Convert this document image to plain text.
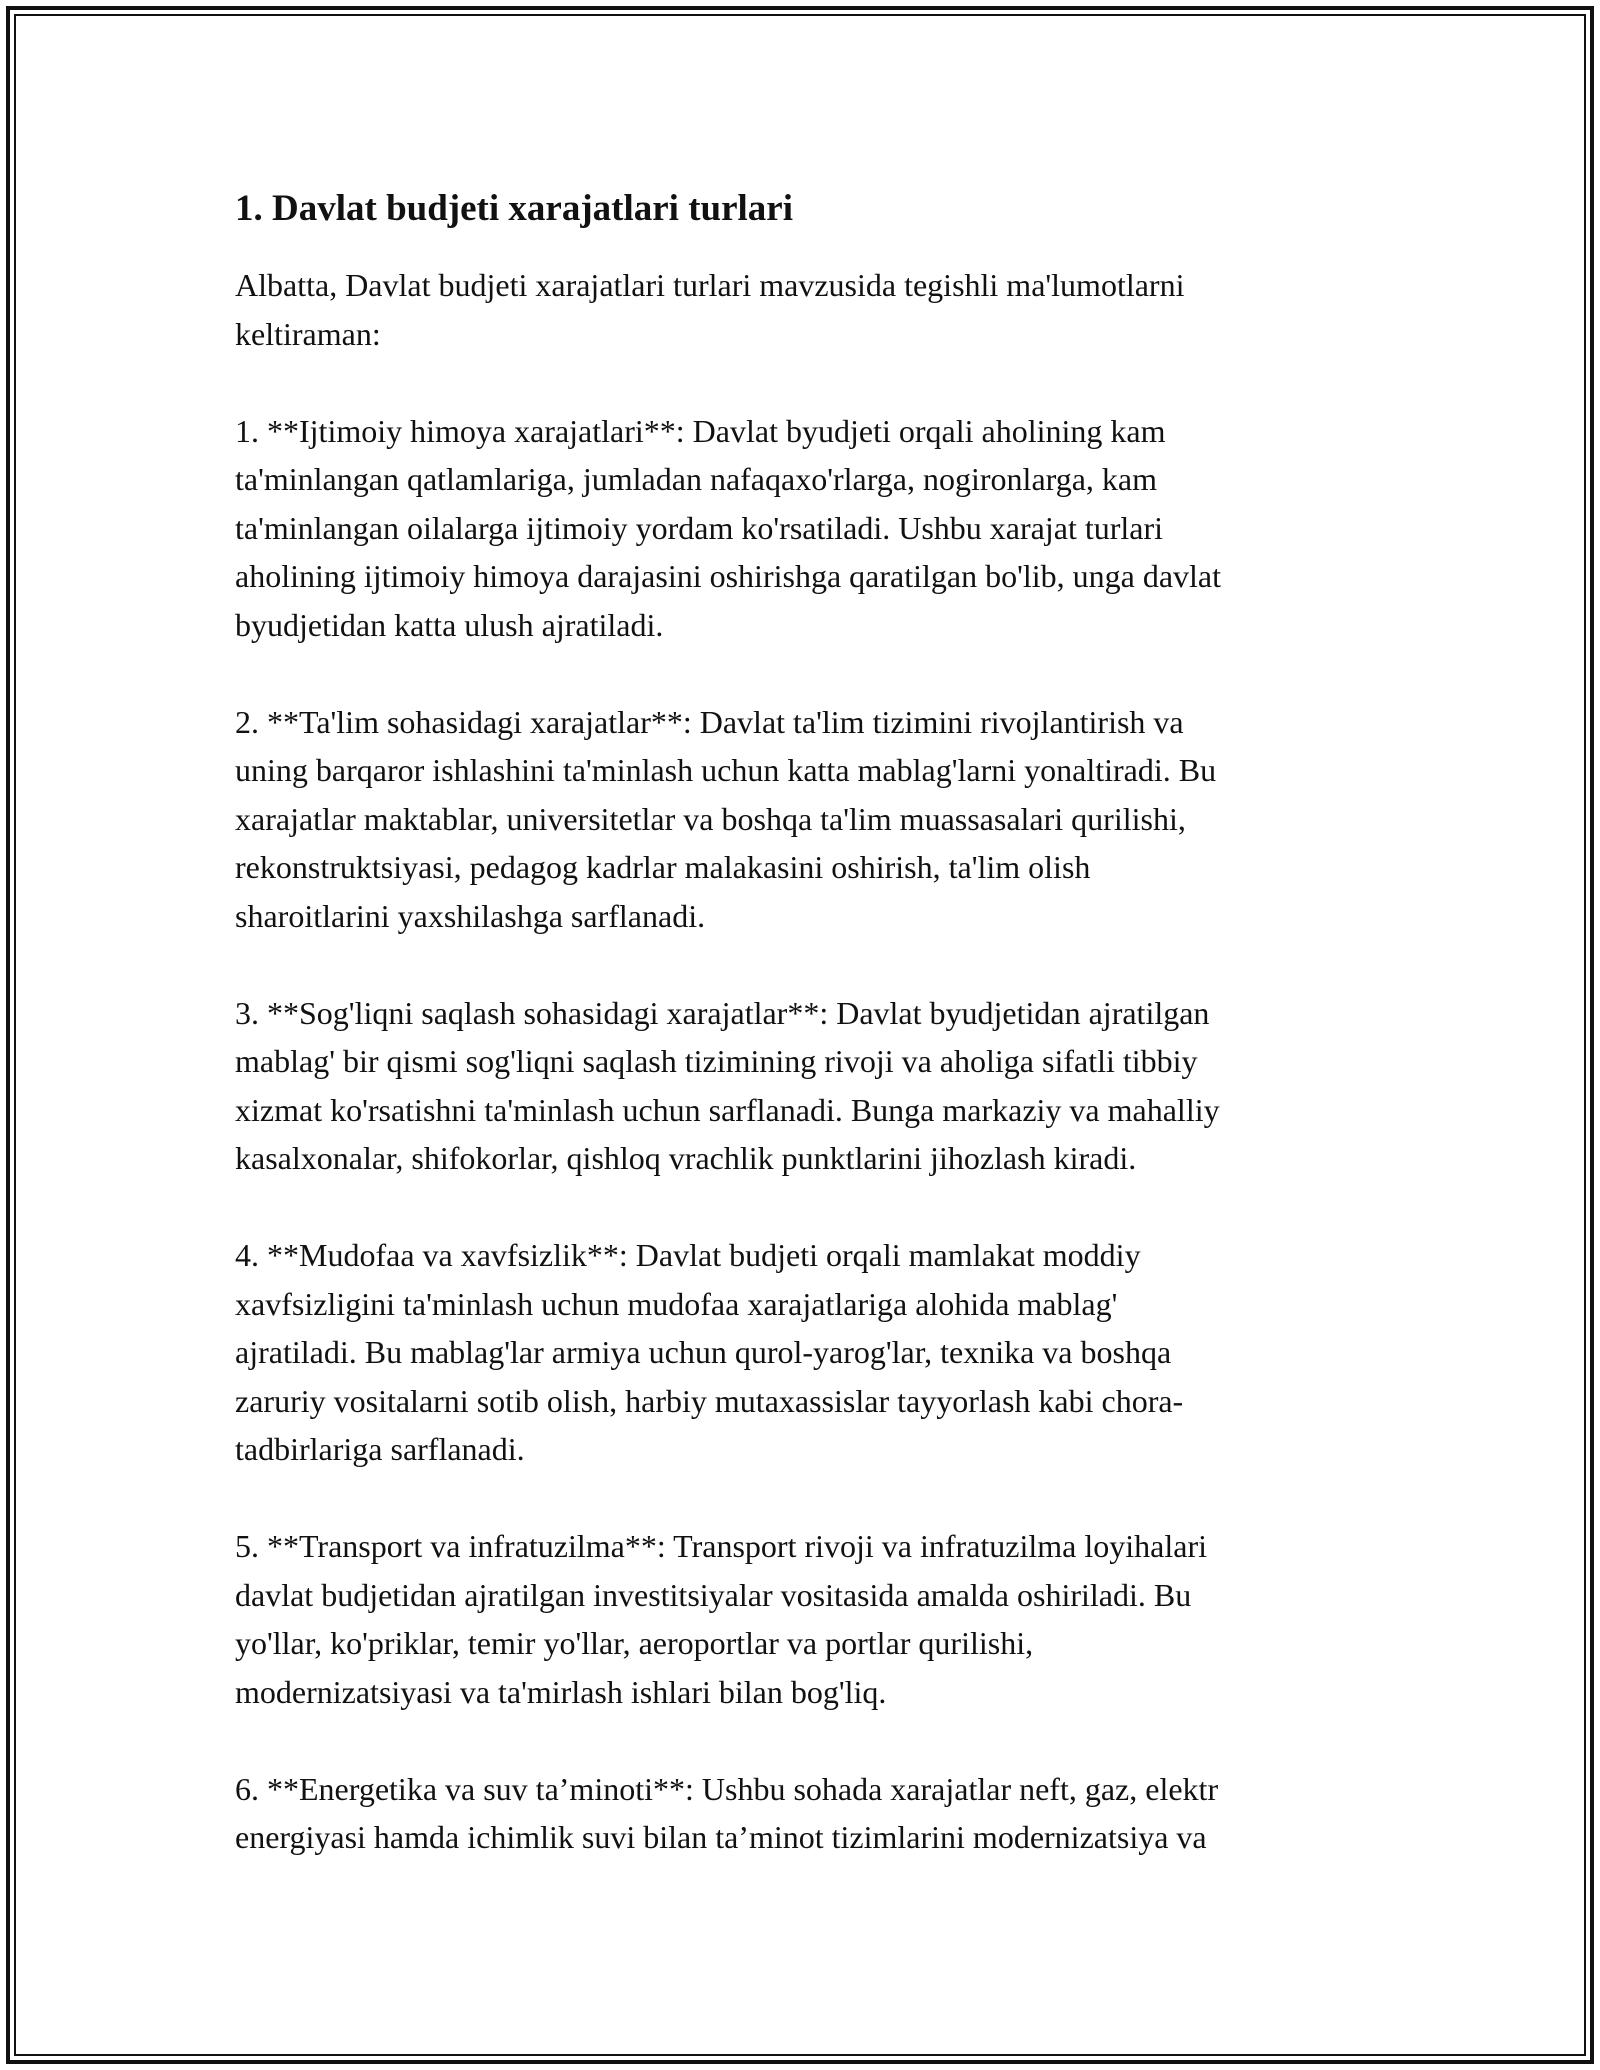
1. Davlat budjeti xarajatlari turlari
Albatta, Davlat budjeti xarajatlari turlari mavzusida tegishli ma'lumotlarni
keltiraman:
1. **Ijtimoiy himoya xarajatlari**: Davlat byudjeti orqali aholining kam
ta'minlangan qatlamlariga, jumladan nafaqaxo'rlarga, nogironlarga, kam
ta'minlangan oilalarga ijtimoiy yordam ko'rsatiladi. Ushbu xarajat turlari
aholining ijtimoiy himoya darajasini oshirishga qaratilgan bo'lib, unga davlat
byudjetidan katta ulush ajratiladi.
2. **Ta'lim sohasidagi xarajatlar**: Davlat ta'lim tizimini rivojlantirish va
uning barqaror ishlashini ta'minlash uchun katta mablag'larni yonaltiradi. Bu
xarajatlar maktablar, universitetlar va boshqa ta'lim muassasalari qurilishi,
rekonstruktsiyasi, pedagog kadrlar malakasini oshirish, ta'lim olish
sharoitlarini yaxshilashga sarflanadi.
3. **Sog'liqni saqlash sohasidagi xarajatlar**: Davlat byudjetidan ajratilgan
mablag' bir qismi sog'liqni saqlash tizimining rivoji va aholiga sifatli tibbiy
xizmat ko'rsatishni ta'minlash uchun sarflanadi. Bunga markaziy va mahalliy
kasalxonalar, shifokorlar, qishloq vrachlik punktlarini jihozlash kiradi.
4. **Mudofaa va xavfsizlik**: Davlat budjeti orqali mamlakat moddiy
xavfsizligini ta'minlash uchun mudofaa xarajatlariga alohida mablag'
ajratiladi. Bu mablag'lar armiya uchun qurol-yarog'lar, texnika va boshqa
zaruriy vositalarni sotib olish, harbiy mutaxassislar tayyorlash kabi chora-
tadbirlariga sarflanadi.
5. **Transport va infratuzilma**: Transport rivoji va infratuzilma loyihalari
davlat budjetidan ajratilgan investitsiyalar vositasida amalda oshiriladi. Bu
yo'llar, ko'priklar, temir yo'llar, aeroportlar va portlar qurilishi,
modernizatsiyasi va ta'mirlash ishlari bilan bog'liq.
6. **Energetika va suv ta’minoti**: Ushbu sohada xarajatlar neft, gaz, elektr
energiyasi hamda ichimlik suvi bilan ta’minot tizimlarini modernizatsiya va
